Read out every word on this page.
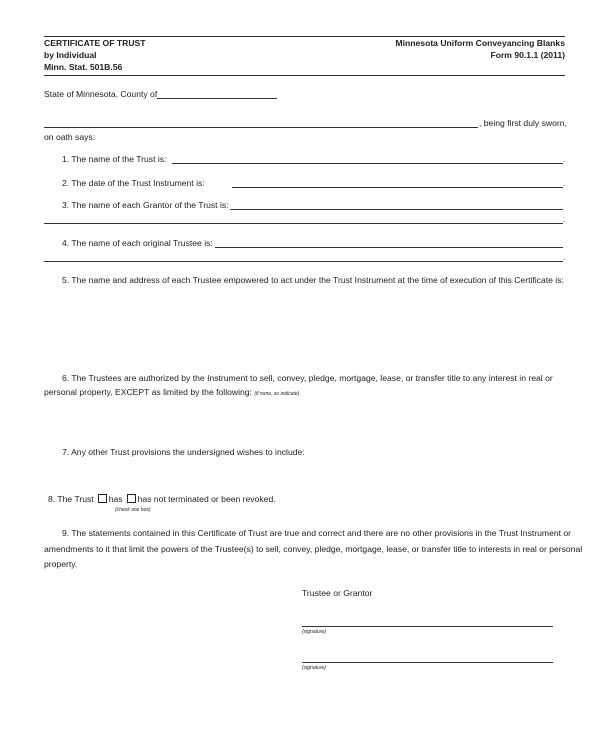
CERTIFICATE OF TRUST
by Individual
Minn. Stat. 501B.56
Minnesota Uniform Conveyancing Blanks
Form 90.1.1 (2011)
State of Minnesota, County of
, being first duly sworn,
on oath says:
1. The name of the Trust is:	.
2. The date of the Trust Instrument is:	.
3. The name of each Grantor of the Trust is:
.
4. The name of each original Trustee is:
.
5. The name and address of each Trustee empowered to act under the Trust Instrument at the time of execution of this Certificate is:
6. The Trustees are authorized by the Instrument to sell, convey, pledge, mortgage, lease, or transfer title to any interest in real or
personal property, EXCEPT as limited by the following: (if none, so indicate)
7. Any other Trust provisions the undersigned wishes to include:
8. The Trust has has not terminated or been revoked.
(check one box)
9. The statements contained in this Certificate of Trust are true and correct and there are no other provisions in the Trust Instrument or
amendments to it that limit the powers of the Trustee(s) to sell, convey, pledge, mortgage, lease, or transfer title to interests in real or personal
property.
Trustee or Grantor
(signature)
(signature)
